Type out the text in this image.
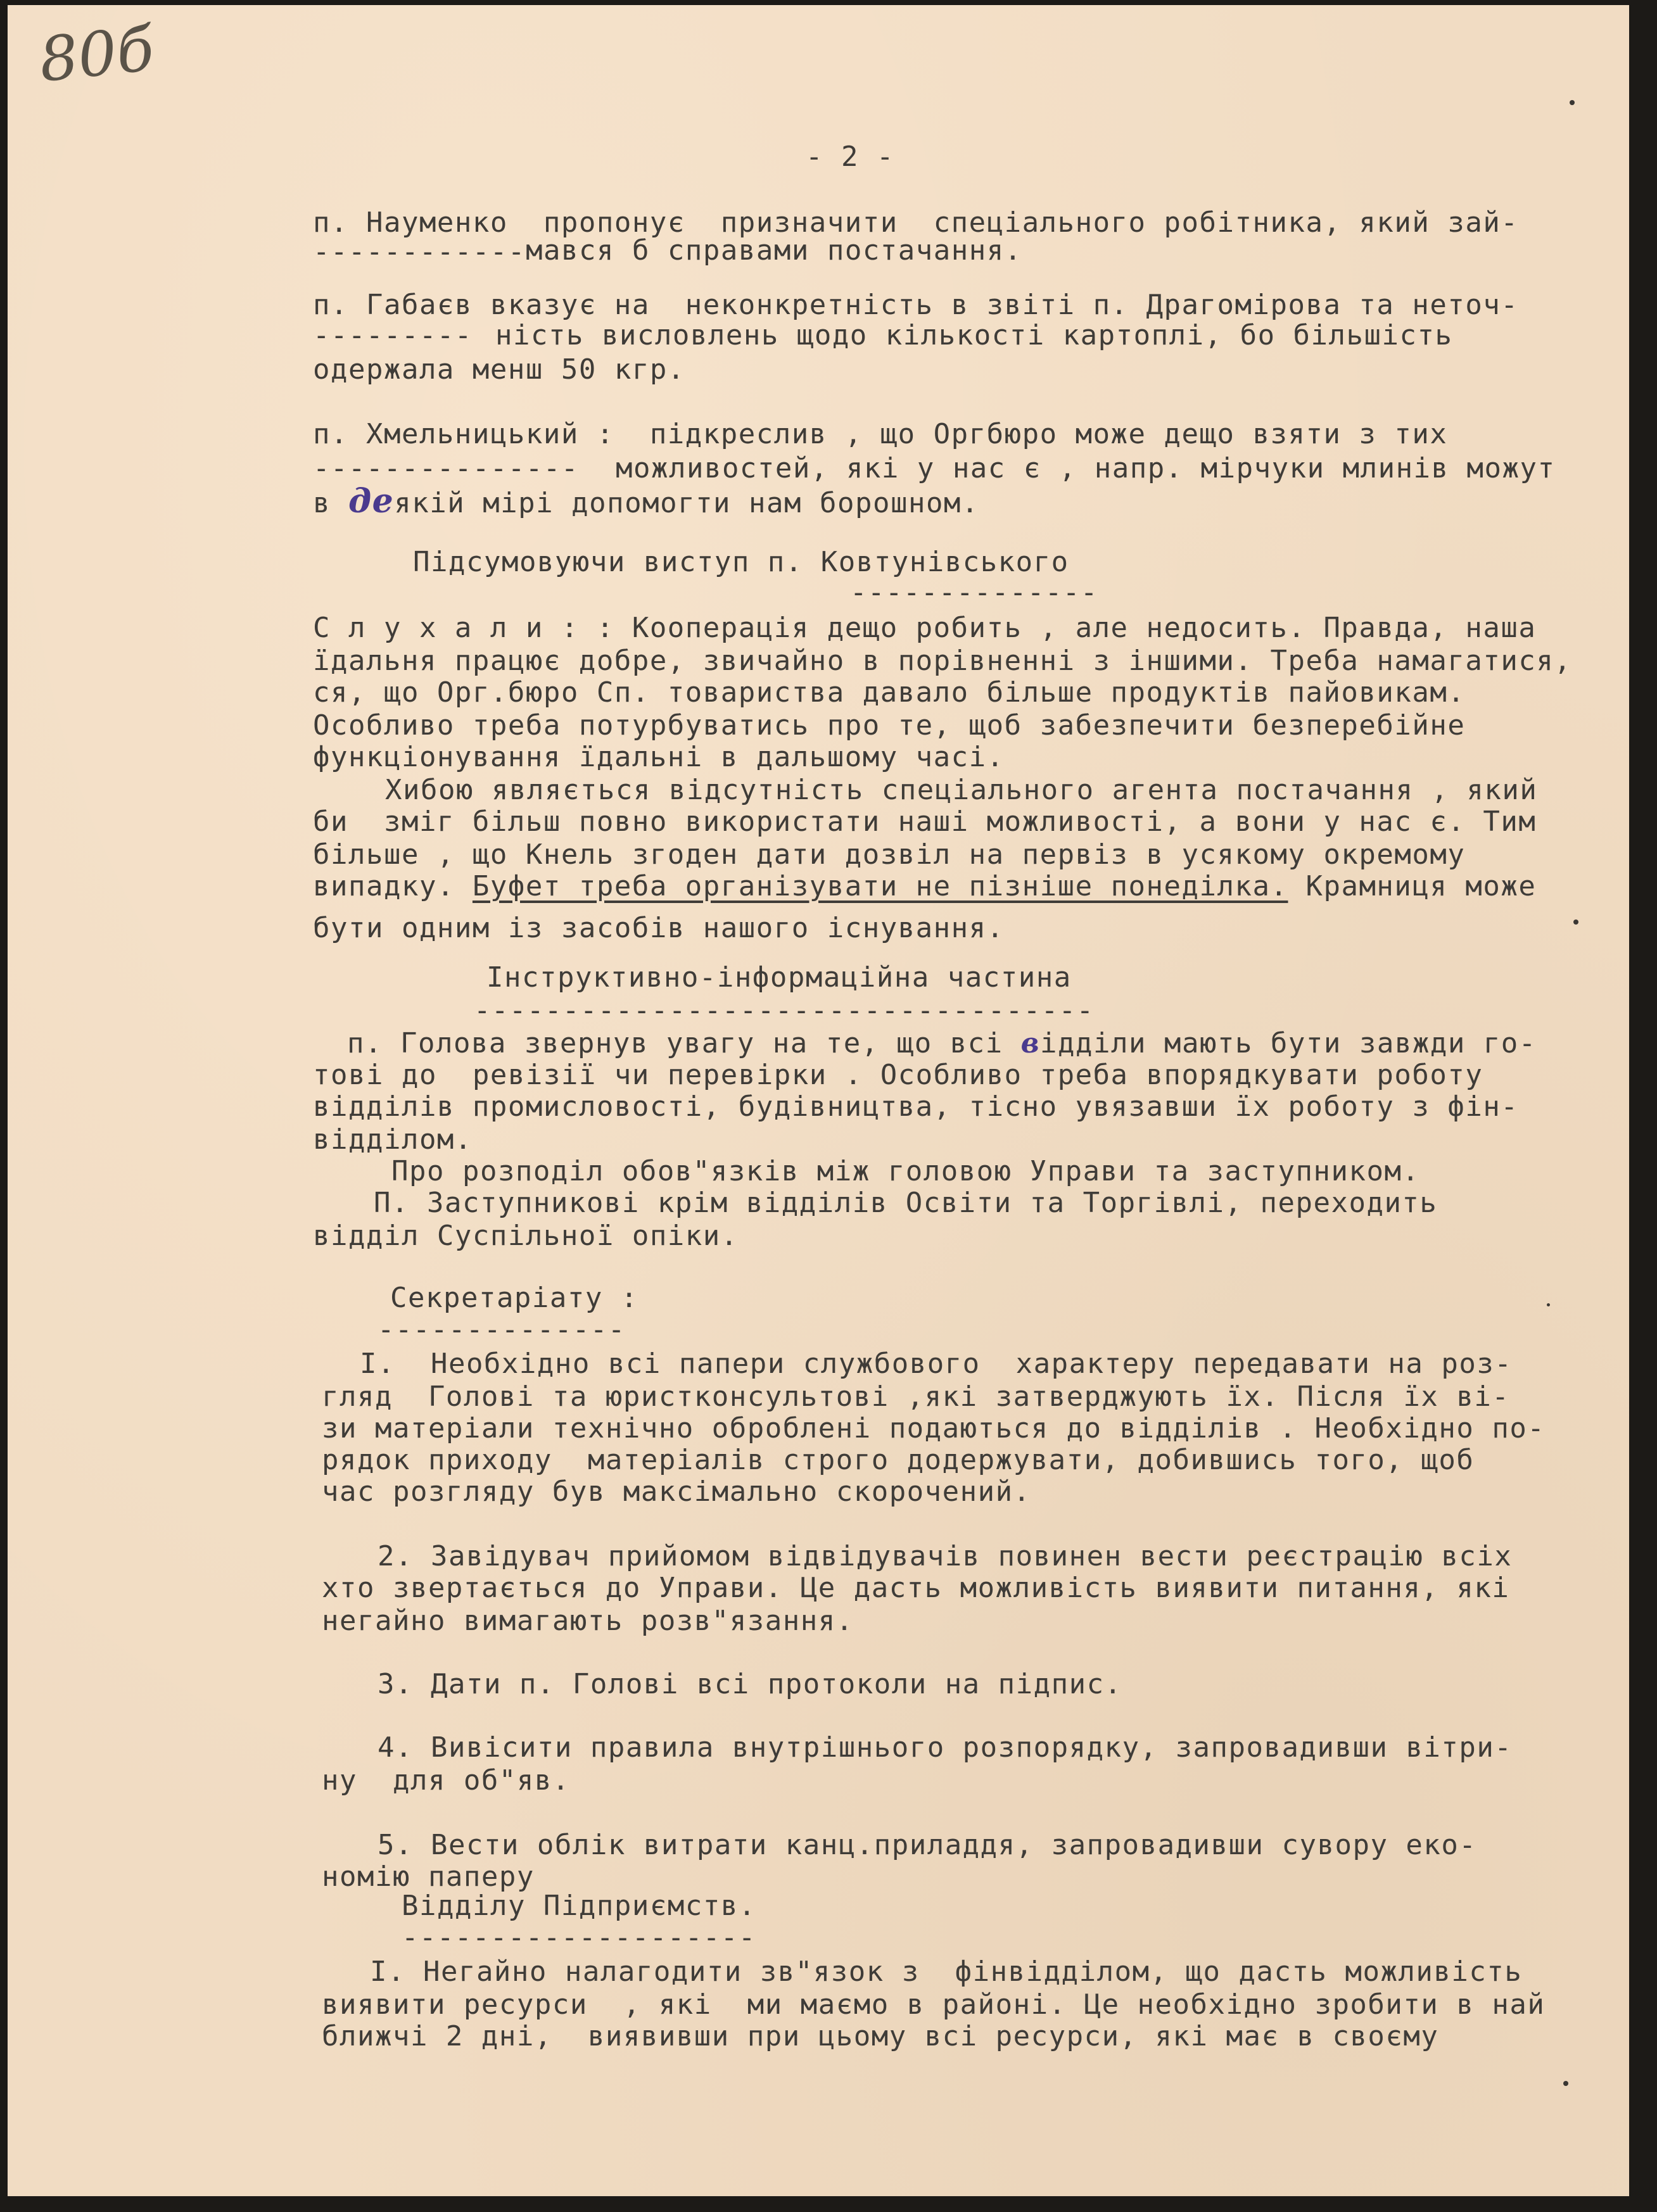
80б
- 2 -
п. Науменко  пропонує  призначити  спеціального робітника, який зай-
------------ мався б справами постачання.
п. Габаєв вказує на  неконкретність в звіті п. Драгомірова та неточ-
--------- ність висловлень щодо кількості картоплі, бо більшість
одержала менш 50 кгр.
п. Хмельницький :  підкреслив , що Оргбюро може дещо взяти з тих
--------------- можливостей, які у нас є , напр. мірчуки млинів можут
в деякій мірі допомогти нам борошном.
Підсумовуючи виступ п. Ковтунівського
--------------
С л у х а л и : : Кооперація дещо робить , але недосить. Правда, наша
їдальня працює добре, звичайно в порівненні з іншими. Треба намагатися,
ся, що Орг.бюро Сп. товариства давало більше продуктів пайовикам.
Особливо треба потурбуватись про те, щоб забезпечити безперебійне
функціонування їдальні в дальшому часі.
Хибою являється відсутність спеціального агента постачання , який
би  зміг більш повно використати наші можливості, а вони у нас є. Тим
більше , що Кнель згоден дати дозвіл на первіз в усякому окремому
випадку. Буфет треба організувати не пізніше понеділка. Крамниця може
бути одним із засобів нашого існування.
Інструктивно-інформаційна частина
-----------------------------------
п. Голова звернув увагу на те, що всі відділи мають бути завжди го-
тові до  ревізії чи перевірки . Особливо треба впорядкувати роботу
відділів промисловості, будівництва, тісно увязавши їх роботу з фін-
відділом.
Про розподіл обов"язків між головою Управи та заступником.
П. Заступникові крім відділів Освіти та Торгівлі, переходить
відділ Суспільної опіки.
Секретаріату :
--------------
І.  Необхідно всі папери службового  характеру передавати на роз-
гляд  Голові та юристконсультові ,які затверджують їх. Після їх ві-
зи матеріали технічно оброблені подаються до відділів . Необхідно по-
рядок приходу  матеріалів строго додержувати, добившись того, щоб
час розгляду був максімально скорочений.
2. Завідувач прийомом відвідувачів повинен вести реєстрацію всіх
хто звертається до Управи. Це дасть можливість виявити питання, які
негайно вимагають розв"язання.
3. Дати п. Голові всі протоколи на підпис.
4. Вивісити правила внутрішнього розпорядку, запровадивши вітри-
ну  для об"яв.
5. Вести облік витрати канц.приладдя, запровадивши сувору еко-
номію паперу
Відділу Підприємств.
--------------------
І. Негайно налагодити зв"язок з  фінвідділом, що дасть можливість
виявити ресурси  , які  ми маємо в районі. Це необхідно зробити в най
ближчі 2 дні,  виявивши при цьому всі ресурси, які має в своєму
